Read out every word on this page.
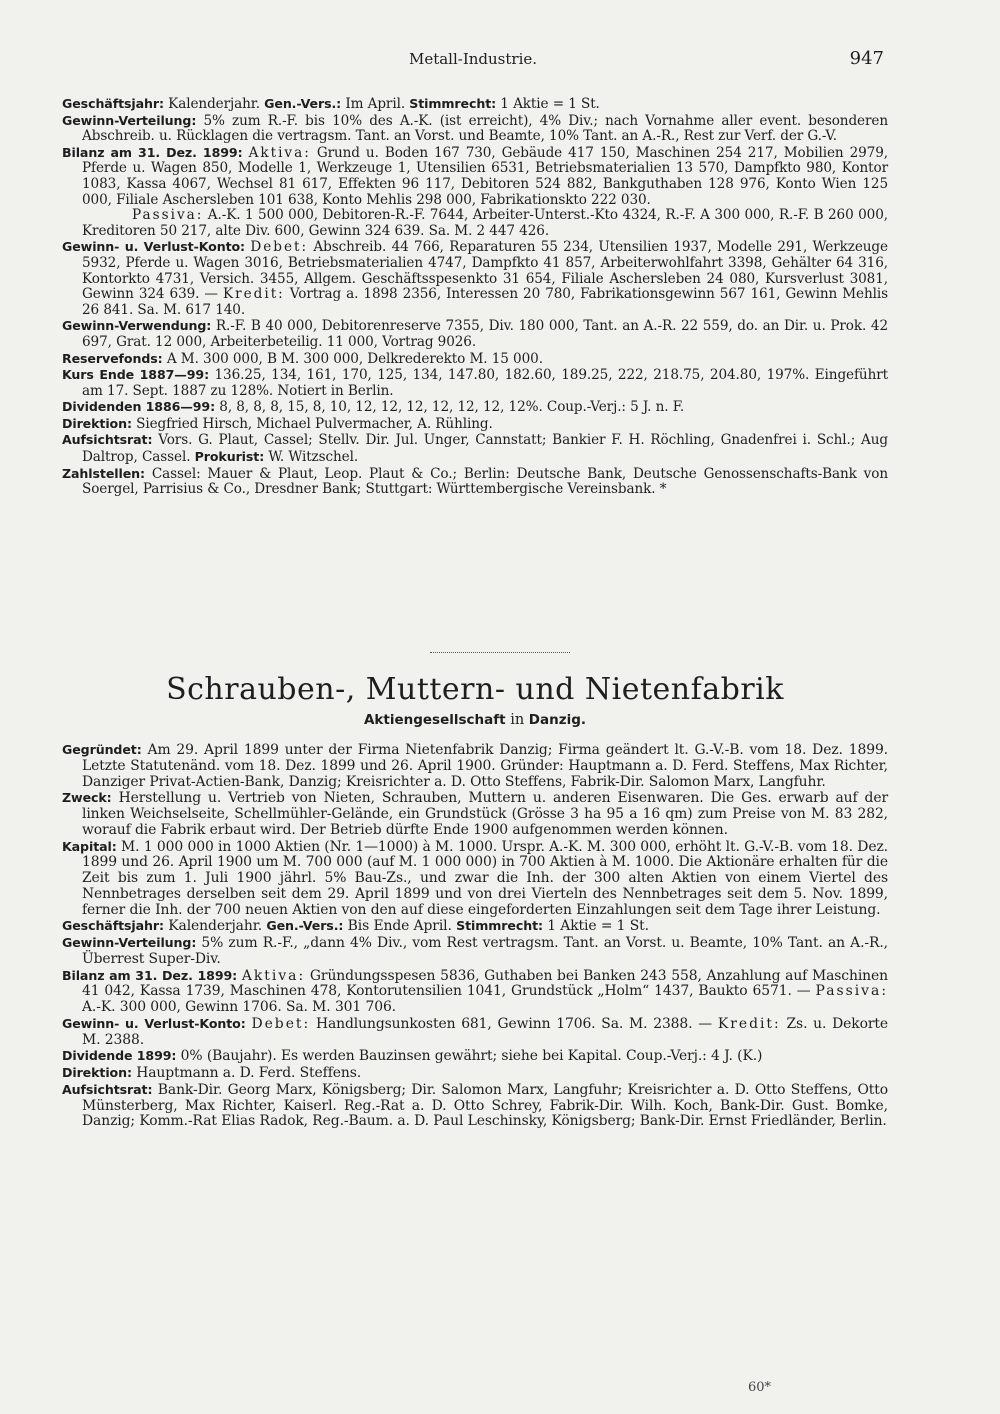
Metall-Industrie.	947

Geschäftsjahr: Kalenderjahr. Gen.-Vers.: Im April. Stimmrecht: 1 Aktie = 1 St.

Gewinn-Verteilung: 5% zum R.-F. bis 10% des A.-K. (ist erreicht), 4% Div.; nach Vornahme aller event. besonderen Abschreib. u. Rücklagen die vertragsm. Tant. an Vorst. und Beamte, 10% Tant. an A.-R., Rest zur Verf. der G.-V.

Bilanz am 31. Dez. 1899: Aktiva: Grund u. Boden 167 730, Gebäude 417 150, Maschinen 254 217, Mobilien 2979, Pferde u. Wagen 850, Modelle 1, Werkzeuge 1, Utensilien 6531, Betriebsmaterialien 13 570, Dampfkto 980, Kontor 1083, Kassa 4067, Wechsel 81 617, Effekten 96 117, Debitoren 524 882, Bankguthaben 128 976, Konto Wien 125 000, Filiale Aschersleben 101 638, Konto Mehlis 298 000, Fabrikationskto 222 030.

Passiva: A.-K. 1 500 000, Debitoren-R.-F. 7644, Arbeiter-Unterst.-Kto 4324, R.-F. A 300 000, R.-F. B 260 000, Kreditoren 50 217, alte Div. 600, Gewinn 324 639. Sa. M. 2 447 426.

Gewinn- u. Verlust-Konto: Debet: Abschreib. 44 766, Reparaturen 55 234, Utensilien 1937, Modelle 291, Werkzeuge 5932, Pferde u. Wagen 3016, Betriebsmaterialien 4747, Dampfkto 41 857, Arbeiterwohlfahrt 3398, Gehälter 64 316, Kontorkto 4731, Versich. 3455, Allgem. Geschäftsspesenkto 31 654, Filiale Aschersleben 24 080, Kursverlust 3081, Gewinn 324 639. — Kredit: Vortrag a. 1898 2356, Interessen 20 780, Fabrikationsgewinn 567 161, Gewinn Mehlis 26 841. Sa. M. 617 140.

Gewinn-Verwendung: R.-F. B 40 000, Debitorenreserve 7355, Div. 180 000, Tant. an A.-R. 22 559, do. an Dir. u. Prok. 42 697, Grat. 12 000, Arbeiterbeteilig. 11 000, Vortrag 9026.

Reservefonds: A M. 300 000, B M. 300 000, Delkrederekto M. 15 000.

Kurs Ende 1887—99: 136.25, 134, 161, 170, 125, 134, 147.80, 182.60, 189.25, 222, 218.75, 204.80, 197%. Eingeführt am 17. Sept. 1887 zu 128%. Notiert in Berlin.

Dividenden 1886—99: 8, 8, 8, 8, 15, 8, 10, 12, 12, 12, 12, 12, 12, 12%. Coup.-Verj.: 5 J. n. F.

Direktion: Siegfried Hirsch, Michael Pulvermacher, A. Rühling.

Aufsichtsrat: Vors. G. Plaut, Cassel; Stellv. Dir. Jul. Unger, Cannstatt; Bankier F. H. Röchling, Gnadenfrei i. Schl.; Aug Daltrop, Cassel. Prokurist: W. Witzschel.

Zahlstellen: Cassel: Mauer & Plaut, Leop. Plaut & Co.; Berlin: Deutsche Bank, Deutsche Genossenschafts-Bank von Soergel, Parrisius & Co., Dresdner Bank; Stuttgart: Württembergische Vereinsbank. *

Schrauben-, Muttern- und Nietenfabrik
Aktiengesellschaft in Danzig.

Gegründet: Am 29. April 1899 unter der Firma Nietenfabrik Danzig; Firma geändert lt. G.-V.-B. vom 18. Dez. 1899. Letzte Statutenänd. vom 18. Dez. 1899 und 26. April 1900. Gründer: Hauptmann a. D. Ferd. Steffens, Max Richter, Danziger Privat-Actien-Bank, Danzig; Kreisrichter a. D. Otto Steffens, Fabrik-Dir. Salomon Marx, Langfuhr.

Zweck: Herstellung u. Vertrieb von Nieten, Schrauben, Muttern u. anderen Eisenwaren. Die Ges. erwarb auf der linken Weichselseite, Schellmühler-Gelände, ein Grundstück (Grösse 3 ha 95 a 16 qm) zum Preise von M. 83 282, worauf die Fabrik erbaut wird. Der Betrieb dürfte Ende 1900 aufgenommen werden können.

Kapital: M. 1 000 000 in 1000 Aktien (Nr. 1—1000) à M. 1000. Urspr. A.-K. M. 300 000, erhöht lt. G.-V.-B. vom 18. Dez. 1899 und 26. April 1900 um M. 700 000 (auf M. 1 000 000) in 700 Aktien à M. 1000. Die Aktionäre erhalten für die Zeit bis zum 1. Juli 1900 jährl. 5% Bau-Zs., und zwar die Inh. der 300 alten Aktien von einem Viertel des Nennbetrages derselben seit dem 29. April 1899 und von drei Vierteln des Nennbetrages seit dem 5. Nov. 1899, ferner die Inh. der 700 neuen Aktien von den auf diese eingeforderten Einzahlungen seit dem Tage ihrer Leistung.

Geschäftsjahr: Kalenderjahr. Gen.-Vers.: Bis Ende April. Stimmrecht: 1 Aktie = 1 St.

Gewinn-Verteilung: 5% zum R.-F., „dann 4% Div., vom Rest vertragsm. Tant. an Vorst. u. Beamte, 10% Tant. an A.-R., Überrest Super-Div.

Bilanz am 31. Dez. 1899: Aktiva: Gründungsspesen 5836, Guthaben bei Banken 243 558, Anzahlung auf Maschinen 41 042, Kassa 1739, Maschinen 478, Kontorutensilien 1041, Grundstück „Holm“ 1437, Baukto 6571. — Passiva: A.-K. 300 000, Gewinn 1706. Sa. M. 301 706.

Gewinn- u. Verlust-Konto: Debet: Handlungsunkosten 681, Gewinn 1706. Sa. M. 2388. — Kredit: Zs. u. Dekorte M. 2388.

Dividende 1899: 0% (Baujahr). Es werden Bauzinsen gewährt; siehe bei Kapital. Coup.-Verj.: 4 J. (K.)

Direktion: Hauptmann a. D. Ferd. Steffens.

Aufsichtsrat: Bank-Dir. Georg Marx, Königsberg; Dir. Salomon Marx, Langfuhr; Kreisrichter a. D. Otto Steffens, Otto Münsterberg, Max Richter, Kaiserl. Reg.-Rat a. D. Otto Schrey, Fabrik-Dir. Wilh. Koch, Bank-Dir. Gust. Bomke, Danzig; Komm.-Rat Elias Radok, Reg.-Baum. a. D. Paul Leschinsky, Königsberg; Bank-Dir. Ernst Friedländer, Berlin.

60*
